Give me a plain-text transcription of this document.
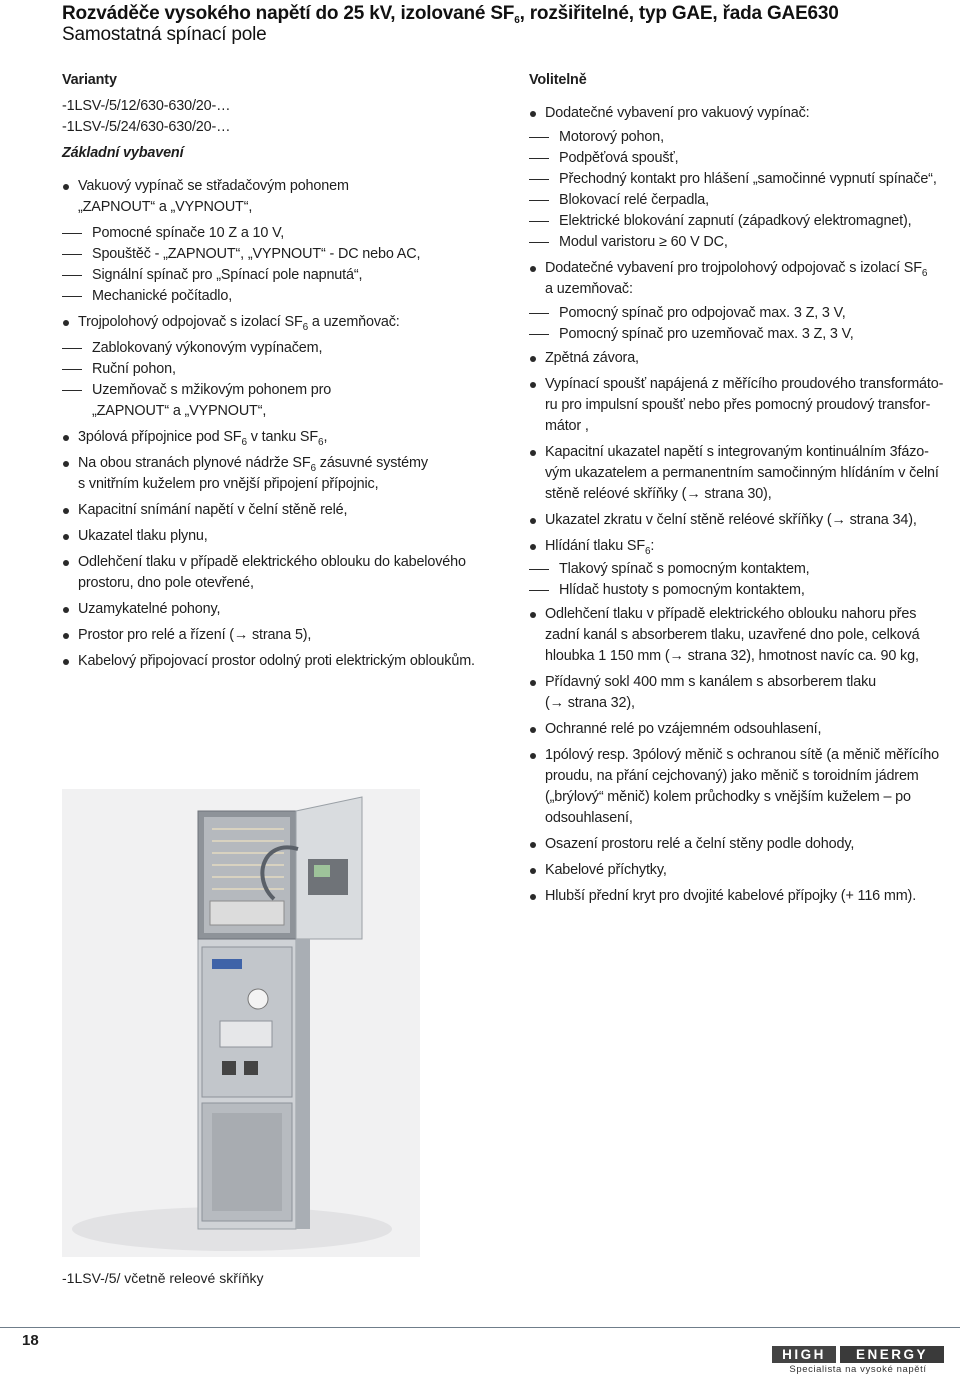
Rozváděče vysokého napětí do 25 kV, izolované $SF_6$, rozšiřitelné, typ GAE, řada GAE630
Samostatná spínací pole

Varianty

-1LSV-/5/12/630-630/20-…

-1LSV-/5/24/630-630/20-…

Základní vybavení

Vakuový vypínač se střadačovým pohonem
„ZAPNOUT“ a „VYPNOUT“,
Pomocné spínače 10 Z a 10 V,
Spouštěč - „ZAPNOUT“, „VYPNOUT“ - DC nebo AC,
Signální spínač pro „Spínací pole napnutá“,
Mechanické počítadlo,
Trojpolohový odpojovač s izolací $SF_6$ a uzemňovač:
Zablokovaný výkonovým vypínačem,
Ruční pohon,
Uzemňovač s mžikovým pohonem pro
„ZAPNOUT“ a „VYPNOUT“,
3pólová přípojnice pod $SF_6$ v tanku $SF_6$,
Na obou stranách plynové nádrže $SF_6$ zásuvné systémy
s vnitřním kuželem pro vnější připojení přípojnic,
Kapacitní snímání napětí v čelní stěně relé,
Ukazatel tlaku plynu,
Odlehčení tlaku v případě elektrického oblouku do kabelového
prostoru, dno pole otevřené,
Uzamykatelné pohony,
Prostor pro relé a řízení (→ strana 5),
Kabelový připojovací prostor odolný proti elektrickým obloukům.

Volitelně

Dodatečné vybavení pro vakuový vypínač:
Motorový pohon,
Podpěťová spoušť,
Přechodný kontakt pro hlášení „samočinné vypnutí spínače“,
Blokovací relé čerpadla,
Elektrické blokování zapnutí (západkový elektromagnet),
Modul varistoru ≥ 60 V DC,
Dodatečné vybavení pro trojpolohový odpojovač s izolací $SF_6$
a uzemňovač:
Pomocný spínač pro odpojovač max. 3 Z, 3 V,
Pomocný spínač pro uzemňovač max. 3 Z, 3 V,
Zpětná závora,
Vypínací spoušť napájená z měřícího proudového transformáto-
ru pro impulsní spoušť nebo přes pomocný proudový transfor-
mátor ,
Kapacitní ukazatel napětí s integrovaným kontinuálním 3fázo-
vým ukazatelem a permanentním samočinným hlídáním v čelní
stěně reléové skříňky (→ strana 30),
Ukazatel zkratu v čelní stěně reléové skříňky (→ strana 34),
Hlídání tlaku $SF_6$:
Tlakový spínač s pomocným kontaktem,
Hlídač hustoty s pomocným kontaktem,
Odlehčení tlaku v případě elektrického oblouku nahoru přes
zadní kanál s absorberem tlaku, uzavřené dno pole, celková
hloubka 1 150 mm (→ strana 32), hmotnost navíc ca. 90 kg,
Přídavný sokl 400 mm s kanálem s absorberem tlaku
(→ strana 32),
Ochranné relé po vzájemném odsouhlasení,
1pólový resp. 3pólový měnič s ochranou sítě (a měnič měřícího
proudu, na přání cejchovaný) jako měnič s toroidním jádrem
(„brýlový“ měnič) kolem průchodky s vnějším kuželem – po
odsouhlasení,
Osazení prostoru relé a čelní stěny podle dohody,
Kabelové příchytky,
Hlubší přední kryt pro dvojité kabelové přípojky (+ 116 mm).
-1LSV-/5/ včetně releové skříňky
18
HIGH	ENERGY
Specialista na vysoké napětí
